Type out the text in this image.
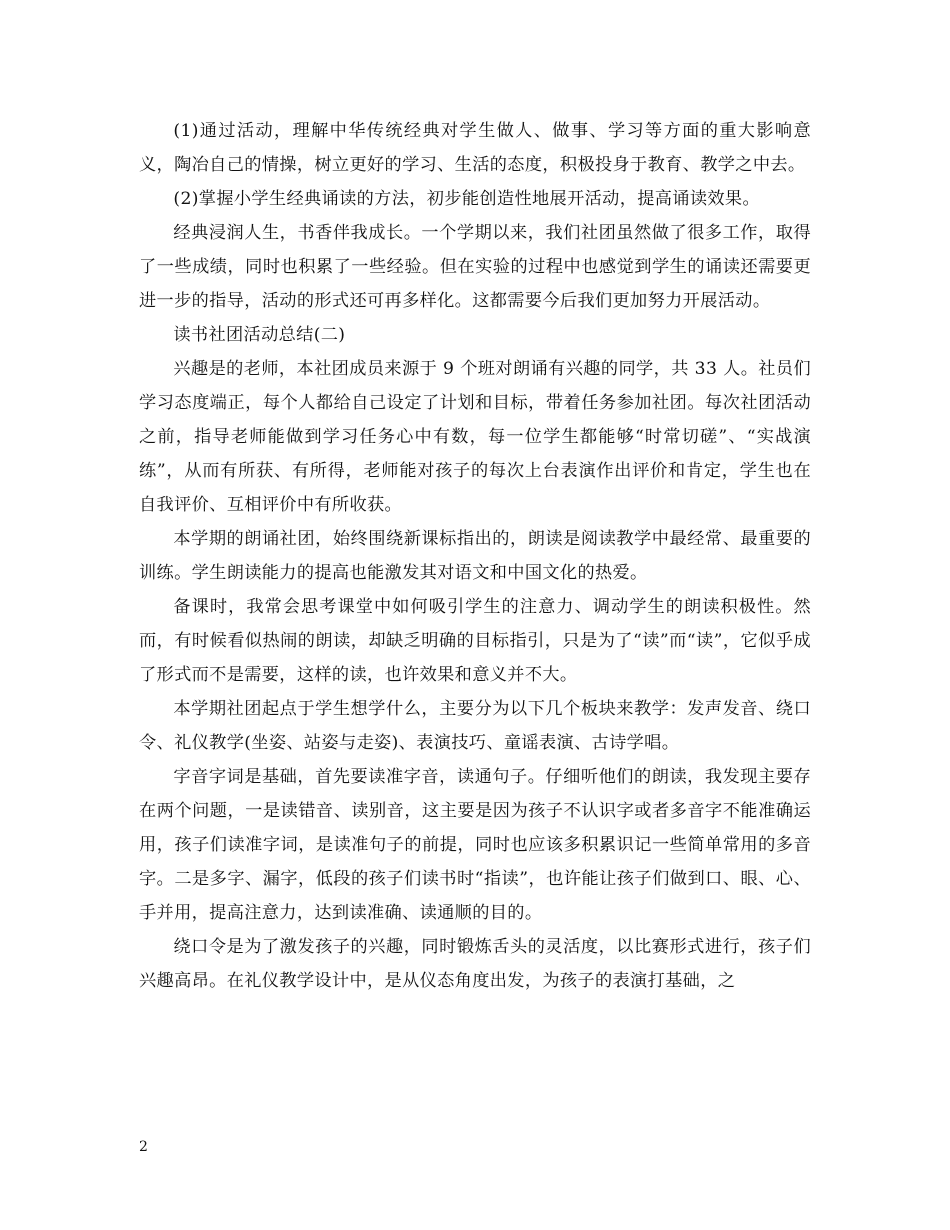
(1)通过活动，理解中华传统经典对学生做人、做事、学习等方面的重大影响意义，陶冶自己的情操，树立更好的学习、生活的态度，积极投身于教育、教学之中去。

(2)掌握小学生经典诵读的方法，初步能创造性地展开活动，提高诵读效果。

经典浸润人生，书香伴我成长。一个学期以来，我们社团虽然做了很多工作，取得了一些成绩，同时也积累了一些经验。但在实验的过程中也感觉到学生的诵读还需要更进一步的指导，活动的形式还可再多样化。这都需要今后我们更加努力开展活动。

读书社团活动总结(二)

兴趣是的老师，本社团成员来源于 9 个班对朗诵有兴趣的同学，共 33 人。社员们学习态度端正，每个人都给自己设定了计划和目标，带着任务参加社团。每次社团活动之前，指导老师能做到学习任务心中有数，每一位学生都能够“时常切磋”、“实战演练”，从而有所获、有所得，老师能对孩子的每次上台表演作出评价和肯定，学生也在自我评价、互相评价中有所收获。

本学期的朗诵社团，始终围绕新课标指出的，朗读是阅读教学中最经常、最重要的训练。学生朗读能力的提高也能激发其对语文和中国文化的热爱。

备课时，我常会思考课堂中如何吸引学生的注意力、调动学生的朗读积极性。然而，有时候看似热闹的朗读，却缺乏明确的目标指引，只是为了“读”而“读”，它似乎成了形式而不是需要，这样的读，也许效果和意义并不大。

本学期社团起点于学生想学什么，主要分为以下几个板块来教学：发声发音、绕口令、礼仪教学(坐姿、站姿与走姿)、表演技巧、童谣表演、古诗学唱。

字音字词是基础，首先要读准字音，读通句子。仔细听他们的朗读，我发现主要存在两个问题，一是读错音、读别音，这主要是因为孩子不认识字或者多音字不能准确运用，孩子们读准字词，是读准句子的前提，同时也应该多积累识记一些简单常用的多音字。二是多字、漏字，低段的孩子们读书时“指读”，也许能让孩子们做到口、眼、心、手并用，提高注意力，达到读准确、读通顺的目的。

绕口令是为了激发孩子的兴趣，同时锻炼舌头的灵活度，以比赛形式进行，孩子们兴趣高昂。在礼仪教学设计中，是从仪态角度出发，为孩子的表演打基础，之

2
